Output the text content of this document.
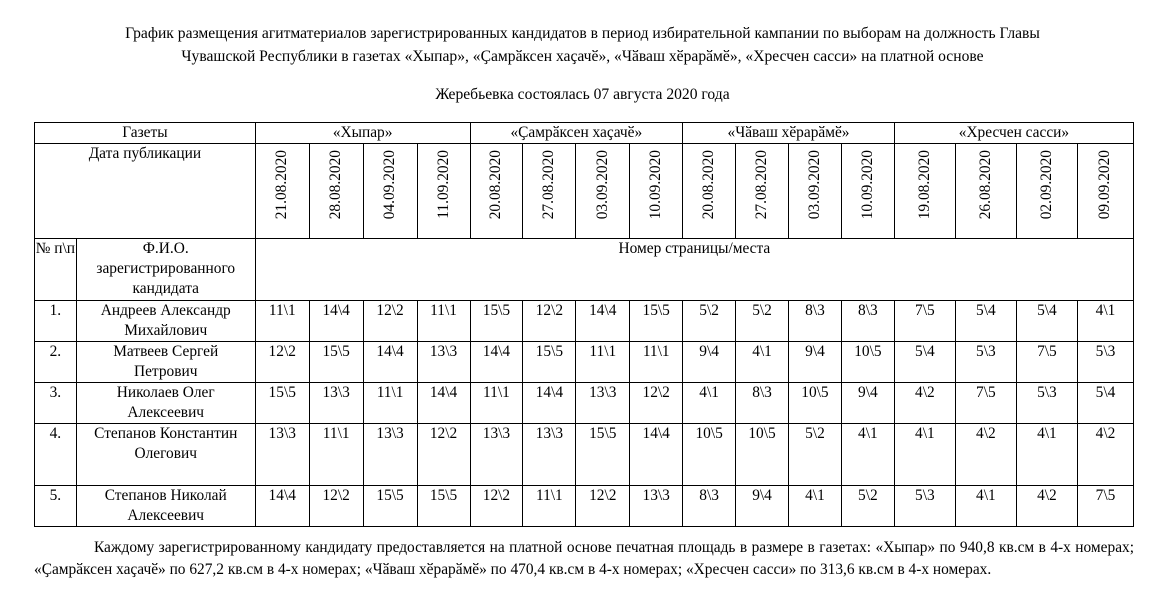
График размещения агитматериалов зарегистрированных кандидатов в период избирательной кампании по выборам на должность Главы
Чувашской Республики в газетах «Хыпар», «Ҫамрӑксен хаҫачӗ», «Чӑваш хӗрарӑмӗ», «Хресчен сасси» на платной основе
Жеребьевка состоялась 07 августа 2020 года
Газеты		«Хыпар»				«Ҫамрӑксен хаҫачӗ»				«Чӑваш хӗрарӑмӗ»				«Хресчен сасси»			
Дата публикации		21.08.2020	28.08.2020	04.09.2020	11.09.2020	20.08.2020	27.08.2020	03.09.2020	10.09.2020	20.08.2020	27.08.2020	03.09.2020	10.09.2020	19.08.2020	26.08.2020	02.09.2020	09.09.2020

№ п\п	Ф.И.О. зарегистрированного кандидата	Номер страницы/места															
1.	Андреев Александр Михайлович	11\1	14\4	12\2	11\1	15\5	12\2	14\4	15\5	5\2	5\2	8\3	8\3	7\5	5\4	5\4	4\1
2.	Матвеев Сергей Петрович	12\2	15\5	14\4	13\3	14\4	15\5	11\1	11\1	9\4	4\1	9\4	10\5	5\4	5\3	7\5	5\3
3.	Николаев Олег Алексеевич	15\5	13\3	11\1	14\4	11\1	14\4	13\3	12\2	4\1	8\3	10\5	9\4	4\2	7\5	5\3	5\4
4.	Степанов Константин Олегович	13\3	11\1	13\3	12\2	13\3	13\3	15\5	14\4	10\5	10\5	5\2	4\1	4\1	4\2	4\1	4\2
5.	Степанов Николай Алексеевич	14\4	12\2	15\5	15\5	12\2	11\1	12\2	13\3	8\3	9\4	4\1	5\2	5\3	4\1	4\2	7\5
Каждому зарегистрированному кандидату предоставляется на платной основе печатная площадь в размере в газетах: «Хыпар» по 940,8 кв.см в 4-х номерах; «Ҫамрӑксен хаҫачӗ» по 627,2 кв.см в 4-х номерах; «Чӑваш хӗрарӑмӗ» по 470,4 кв.см в 4-х номерах; «Хресчен сасси» по 313,6 кв.см в 4-х номерах.
